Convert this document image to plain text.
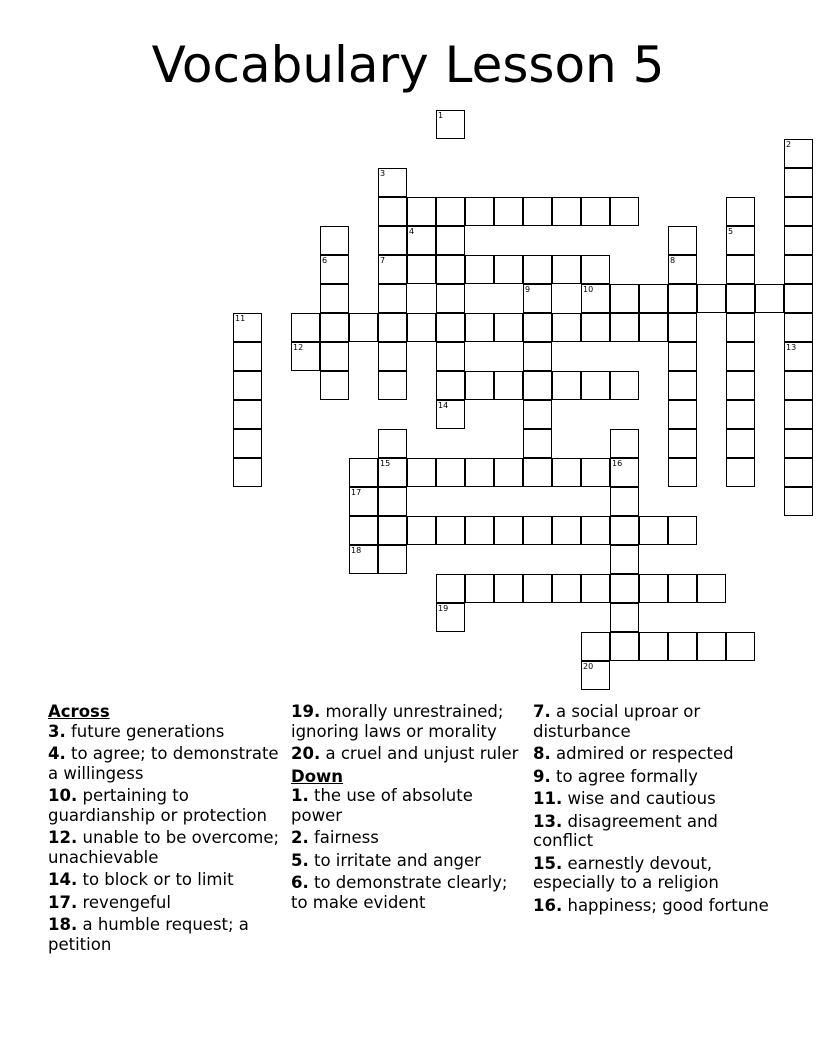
Vocabulary Lesson 5
14
2
10
11
6	7	8
5
9
13
15	16
1
3
4
12
17
18
19
20
Across
3. future generations
4. to agree; to demonstrate a willingess
10. pertaining to guardianship or protection
12. unable to be overcome; unachievable
14. to block or to limit
17. revengeful
18. a humble request; a petition
19. morally unrestrained; ignoring laws or morality
20. a cruel and unjust ruler
Down
1. the use of absolute power
2. fairness
5. to irritate and anger
6. to demonstrate clearly; to make evident
7. a social uproar or disturbance
8. admired or respected
9. to agree formally
11. wise and cautious
13. disagreement and conflict
15. earnestly devout, especially to a religion
16. happiness; good fortune
